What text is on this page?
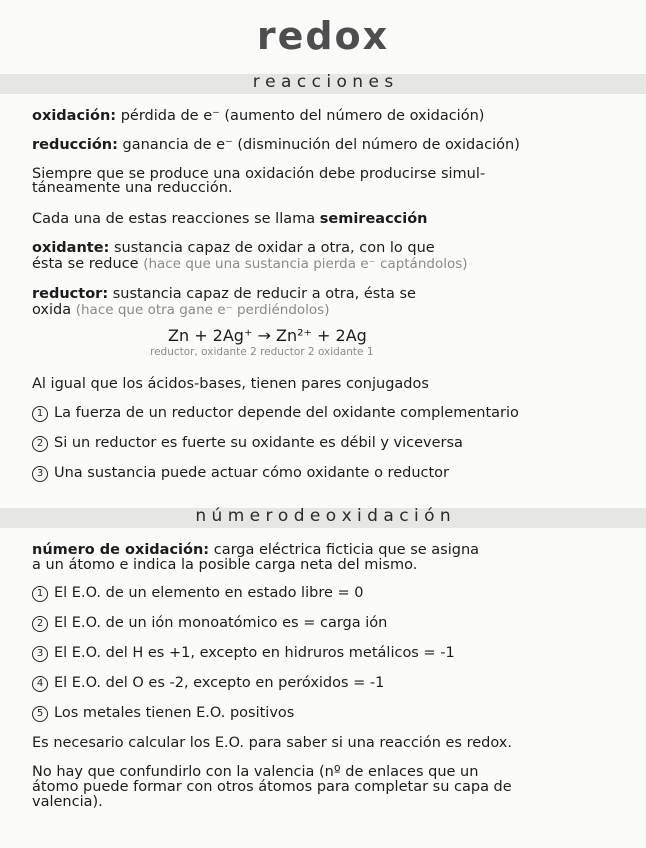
redox
r e a c c i o n e s
oxidación: pérdida de e⁻ (aumento del número de oxidación)
reducción: ganancia de e⁻ (disminución del número de oxidación)
Siempre que se produce una oxidación debe producirse simul-
táneamente una reducción.
Cada una de estas reacciones se llama semireacción
oxidante: sustancia capaz de oxidar a otra, con lo que
ésta se reduce (hace que una sustancia pierda e⁻ captándolos)
reductor: sustancia capaz de reducir a otra, ésta se
oxida (hace que otra gane e⁻ perdiéndolos)
Zn + 2Ag⁺ → Zn²⁺ + 2Ag
reductor, oxidante 2 reductor 2 oxidante 1
Al igual que los ácidos-bases, tienen pares conjugados
1 La fuerza de un reductor depende del oxidante complementario
2 Si un reductor es fuerte su oxidante es débil y viceversa
3 Una sustancia puede actuar cómo oxidante o reductor
n ú m e r o d e o x i d a c i ó n
número de oxidación: carga eléctrica ficticia que se asigna
a un átomo e indica la posible carga neta del mismo.
1 El E.O. de un elemento en estado libre = 0
2 El E.O. de un ión monoatómico es = carga ión
3 El E.O. del H es +1, excepto en hidruros metálicos = -1
4 El E.O. del O es -2, excepto en peróxidos = -1
5 Los metales tienen E.O. positivos
Es necesario calcular los E.O. para saber si una reacción es redox.
No hay que confundirlo con la valencia (nº de enlaces que un
átomo puede formar con otros átomos para completar su capa de
valencia).
